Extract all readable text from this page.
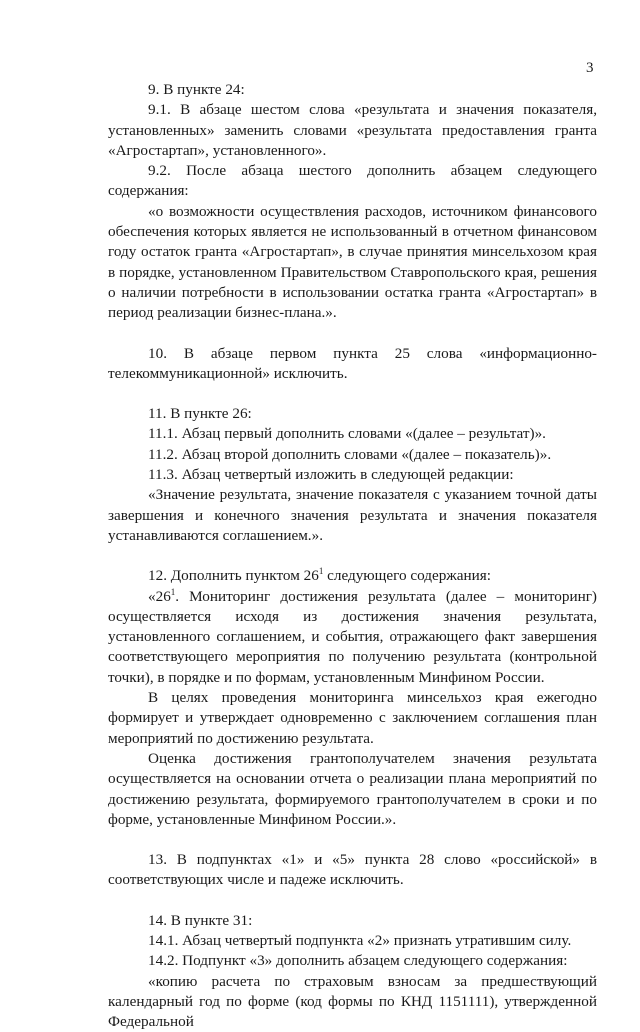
3

9. В пункте 24:

9.1. В абзаце шестом слова «результата и значения показателя, установленных» заменить словами «результата предоставления гранта «Агростартап», установленного».

9.2. После абзаца шестого дополнить абзацем следующего содержания:

«о возможности осуществления расходов, источником финансового обеспечения которых является не использованный в отчетном финансовом году остаток гранта «Агростартап», в случае принятия минсельхозом края в порядке, установленном Правительством Ставропольского края, решения о наличии потребности в использовании остатка гранта «Агростартап» в период реализации бизнес-плана.».

10. В абзаце первом пункта 25 слова «информационно-телекоммуникационной» исключить.

11. В пункте 26:

11.1. Абзац первый дополнить словами «(далее – результат)».

11.2. Абзац второй дополнить словами «(далее – показатель)».

11.3. Абзац четвертый изложить в следующей редакции:

«Значение результата, значение показателя с указанием точной даты завершения и конечного значения результата и значения показателя устанавливаются соглашением.».

12. Дополнить пунктом $26^1$ следующего содержания:

«$26^1$. Мониторинг достижения результата (далее – мониторинг) осуществляется исходя из достижения значения результата, установленного соглашением, и события, отражающего факт завершения соответствующего мероприятия по получению результата (контрольной точки), в порядке и по формам, установленным Минфином России.

В целях проведения мониторинга минсельхоз края ежегодно формирует и утверждает одновременно с заключением соглашения план мероприятий по достижению результата.

Оценка достижения грантополучателем значения результата осуществляется на основании отчета о реализации плана мероприятий по достижению результата, формируемого грантополучателем в сроки и по форме, установленные Минфином России.».

13. В подпунктах «1» и «5» пункта 28 слово «российской» в соответствующих числе и падеже исключить.

14. В пункте 31:

14.1. Абзац четвертый подпункта «2» признать утратившим силу.

14.2. Подпункт «3» дополнить абзацем следующего содержания:

«копию расчета по страховым взносам за предшествующий календарный год по форме (код формы по КНД 1151111), утвержденной Федеральной
